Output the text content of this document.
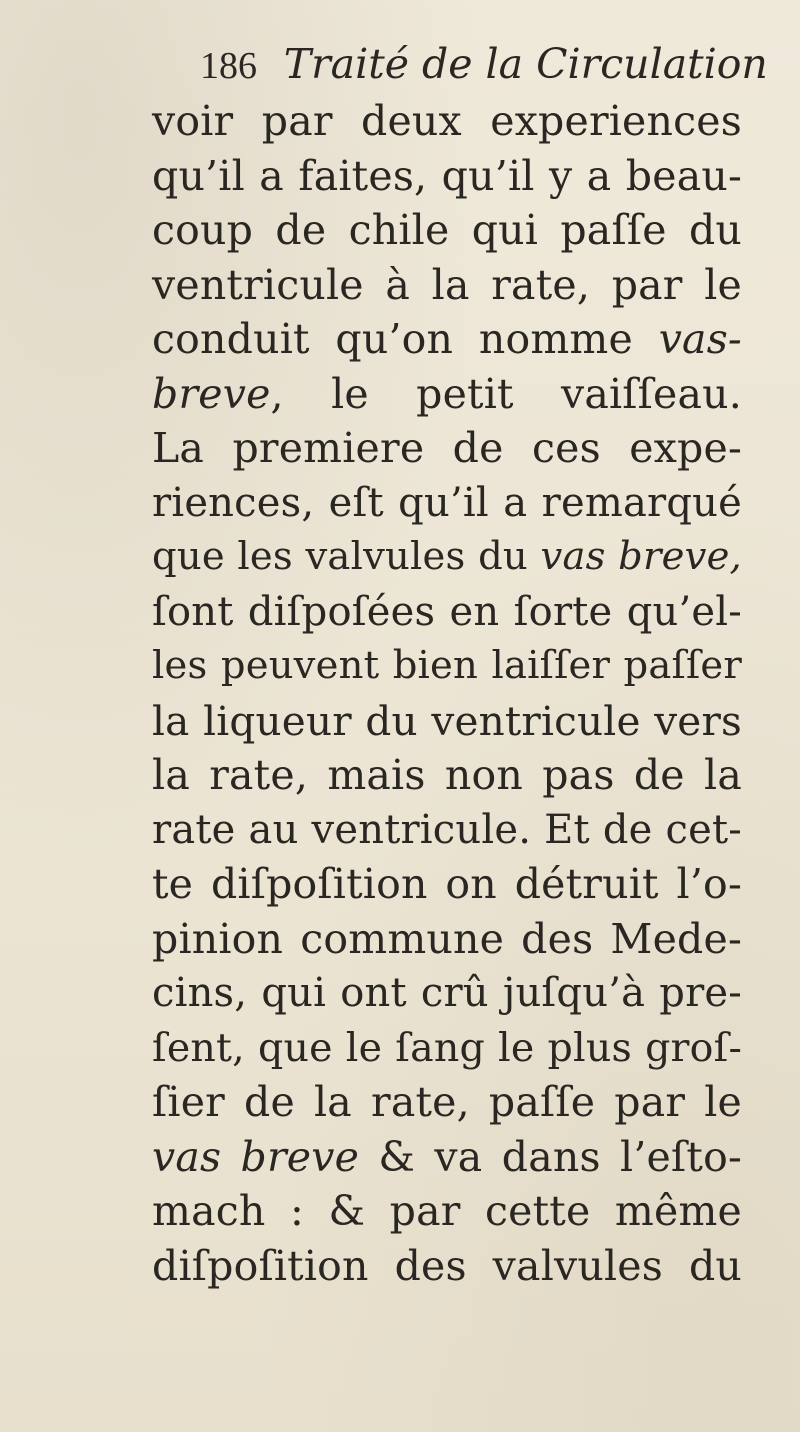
186 Traité de la Circulation
voir par deux experiences
qu’il a faites, qu’il y a beau-
coup de chile qui paſſe du
ventricule à la rate, par le
conduit qu’on nomme vas-
breve, le petit vaiſſeau.
La premiere de ces expe-
riences, eſt qu’il a remarqué
que les valvules du vas breve,
ſont diſpoſées en ſorte qu’el-
les peuvent bien laiſſer paſſer
la liqueur du ventricule vers
la rate, mais non pas de la
rate au ventricule. Et de cet-
te diſpoſition on détruit l’o-
pinion commune des Mede-
cins, qui ont crû juſqu’à pre-
ſent, que le ſang le plus groſ-
ſier de la rate, paſſe par le
vas breve & va dans l’eſto-
mach : & par cette même
diſpoſition des valvules du
